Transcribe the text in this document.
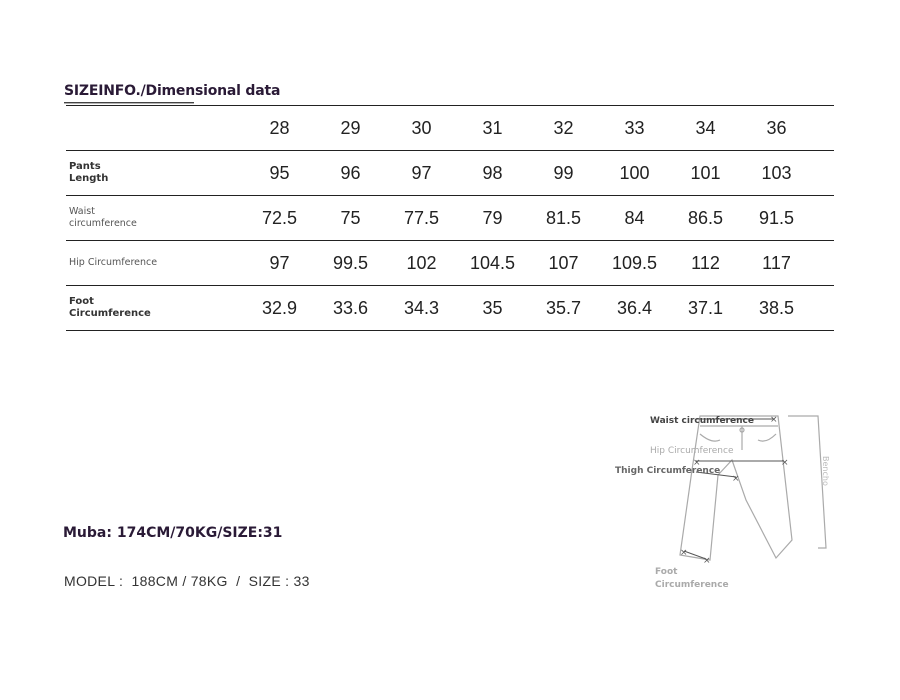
SIZEINFO./Dimensional data
	28	29	30	31	32	33	34	36	
Pants
Length	95	96	97	98	99	100	101	103	
Waist
circumference	72.5	75	77.5	79	81.5	84	86.5	91.5	
Hip Circumference	97	99.5	102	104.5	107	109.5	112	117	
Foot
Circumference	32.9	33.6	34.3	35	35.7	36.4	37.1	38.5	
Muba: 174CM/70KG/SIZE:31
MODEL :  188CM / 78KG  /  SIZE : 33
×
×
×
×
×
×
Waist circumference
Hip Circumference
Thigh Circumference
Foot
Circumference
Bencho
